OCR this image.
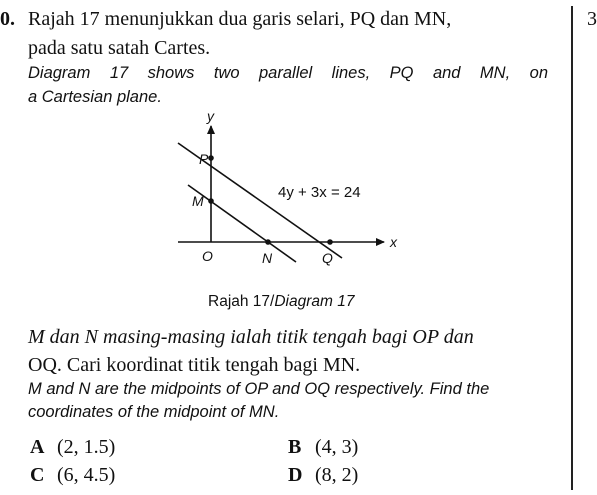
0. Rajah 17 menunjukkan dua garis selari, PQ dan MN,
pada satu satah Cartes.
Diagram 17 shows two parallel lines, PQ and MN, on
a Cartesian plane.
3
y
x
O
P
M
N	Q
4y + 3x = 24
Rajah 17/Diagram 17
M dan N masing-masing ialah titik tengah bagi OP dan
OQ. Cari koordinat titik tengah bagi MN.
M and N are the midpoints of OP and OQ respectively. Find the
coordinates of the midpoint of MN.
A (2, 1.5)	B (4, 3)
C (6, 4.5)	D (8, 2)
